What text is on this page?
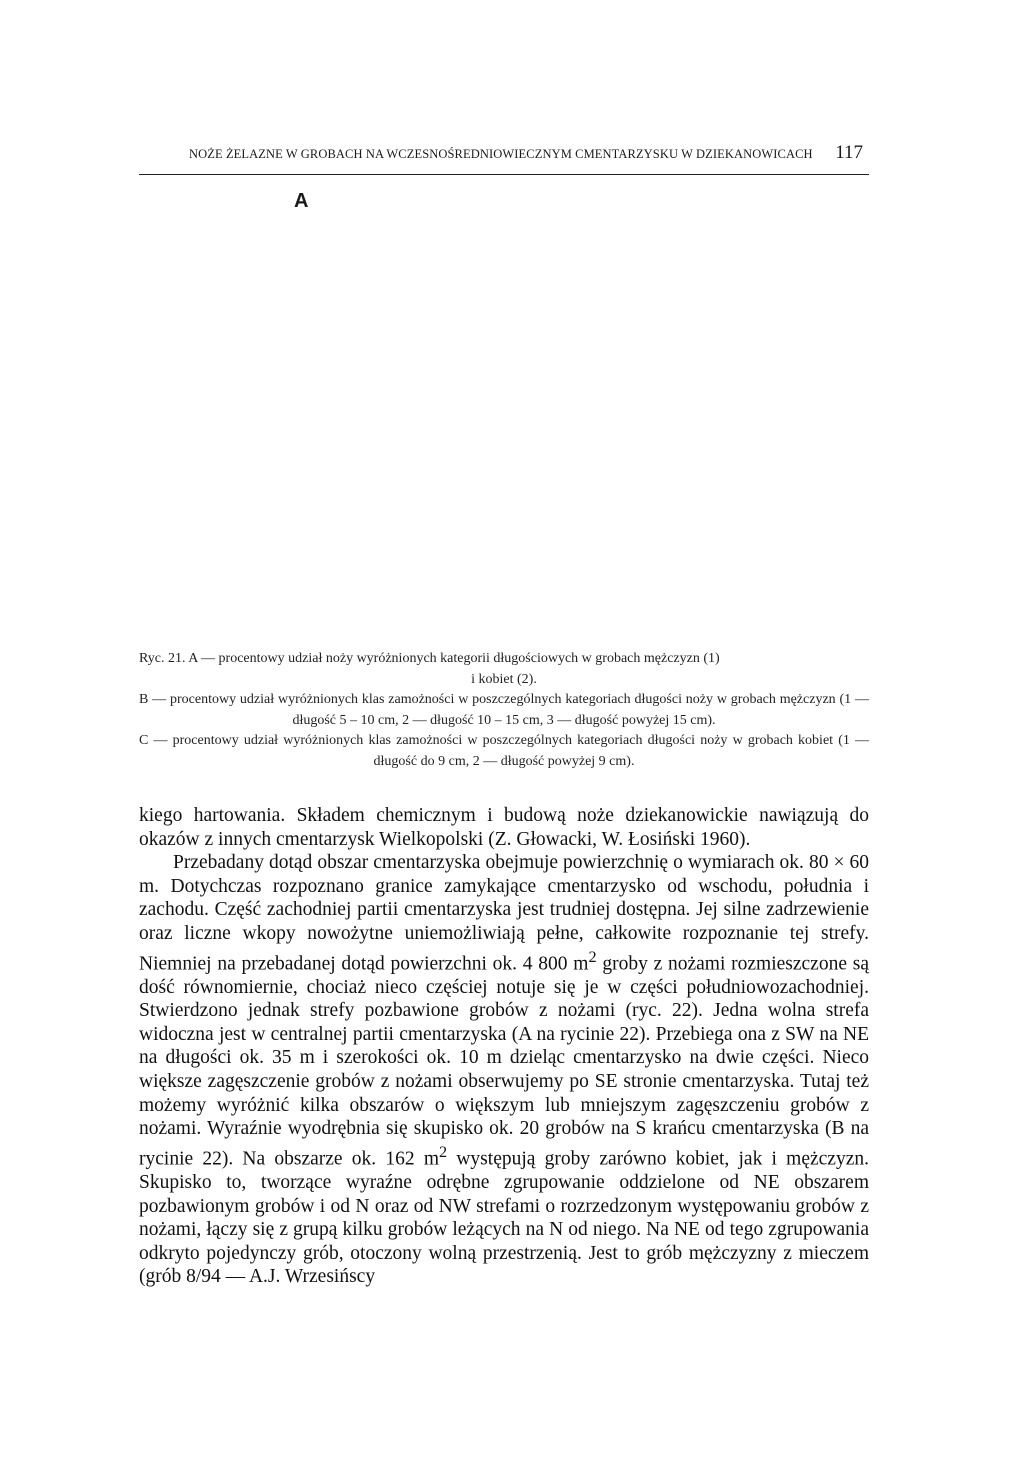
NOŻE ŻELAZNE W GROBACH NA WCZESNOŚREDNIOWIECZNYM CMENTARZYSKU W DZIEKANOWICACH 117
A

Ryc. 21. A — procentowy udział noży wyróżnionych kategorii długościowych w grobach mężczyzn (1)

i kobiet (2).

B — procentowy udział wyróżnionych klas zamożności w poszczególnych kategoriach długości noży w grobach mężczyzn (1 — długość 5 – 10 cm, 2 — długość 10 – 15 cm, 3 — długość powyżej 15 cm).

C — procentowy udział wyróżnionych klas zamożności w poszczególnych kategoriach długości noży w grobach kobiet (1 — długość do 9 cm, 2 — długość powyżej 9 cm).

kiego hartowania. Składem chemicznym i budową noże dziekanowickie nawiązują do okazów z innych cmentarzysk Wielkopolski (Z. Głowacki, W. Łosiński 1960).

Przebadany dotąd obszar cmentarzyska obejmuje powierzchnię o wymiarach ok. 80 × 60 m. Dotychczas rozpoznano granice zamykające cmentarzysko od wschodu, południa i zachodu. Część zachodniej partii cmentarzyska jest trudniej dostępna. Jej silne zadrzewienie oraz liczne wkopy nowożytne uniemożliwiają pełne, całkowite rozpoznanie tej strefy. Niemniej na przebadanej dotąd powierzchni ok. 4 800 $m^2$ groby z nożami rozmieszczone są dość równomiernie, chociaż nieco częściej notuje się je w części południowozachodniej. Stwierdzono jednak strefy pozbawione grobów z nożami (ryc. 22). Jedna wolna strefa widoczna jest w centralnej partii cmentarzyska (A na rycinie 22). Przebiega ona z SW na NE na długości ok. 35 m i szerokości ok. 10 m dzieląc cmentarzysko na dwie części. Nieco większe zagęszczenie grobów z nożami obserwujemy po SE stronie cmentarzyska. Tutaj też możemy wyróżnić kilka obszarów o większym lub mniejszym zagęszczeniu grobów z nożami. Wyraźnie wyodrębnia się skupisko ok. 20 grobów na S krańcu cmentarzyska (B na rycinie 22). Na obszarze ok. 162 $m^2$ występują groby zarówno kobiet, jak i mężczyzn. Skupisko to, tworzące wyraźne odrębne zgrupowanie oddzielone od NE obszarem pozbawionym grobów i od N oraz od NW strefami o rozrzedzonym występowaniu grobów z nożami, łączy się z grupą kilku grobów leżących na N od niego. Na NE od tego zgrupowania odkryto pojedynczy grób, otoczony wolną przestrzenią. Jest to grób mężczyzny z mieczem (grób 8/94 — A.J. Wrzesińscy
